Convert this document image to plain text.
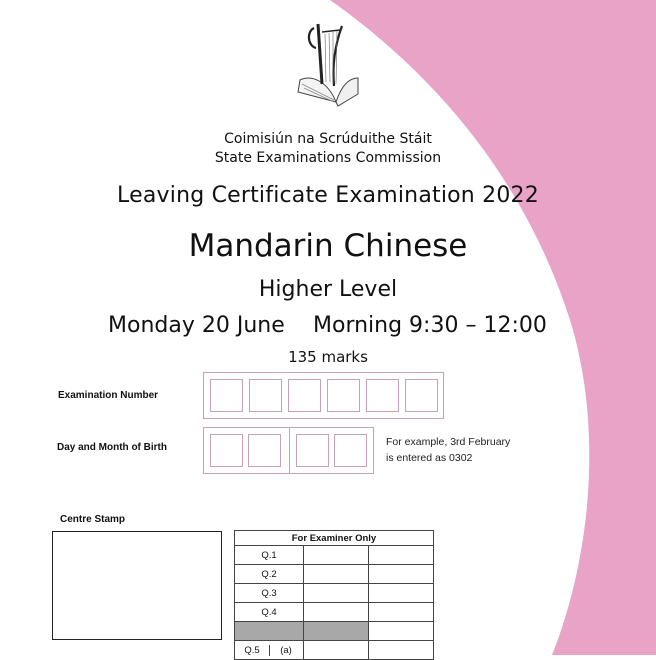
Coimisiún na Scrúduithe Stáit
State Examinations Commission
Leaving Certificate Examination 2022
Mandarin Chinese
Higher Level
Monday 20 June Morning 9:30 – 12:00
135 marks
Examination Number
Day and Month of Birth	For example, 3rd February
is entered as 0302
Centre Stamp
For Examiner Only		
Q.1		
Q.2		
Q.3		
Q.4		

Q.5 (a)		
